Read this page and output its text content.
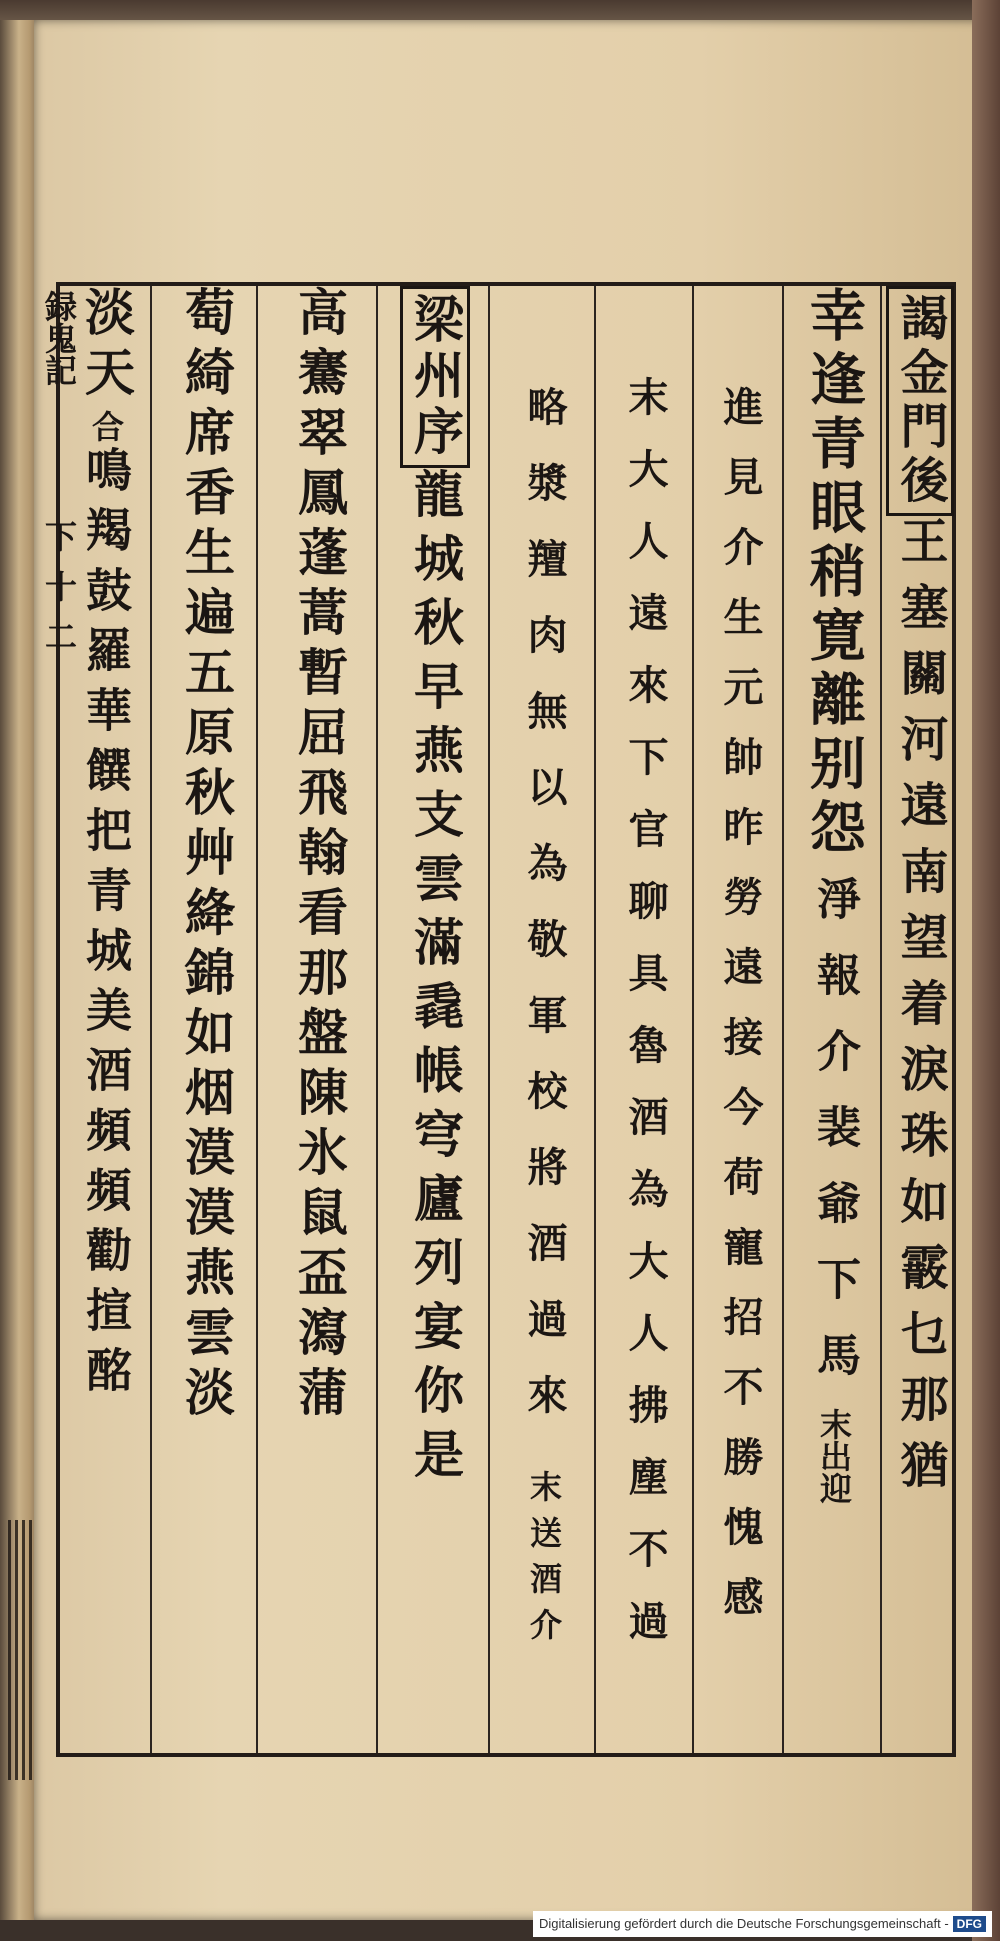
録鬼記
下十二
謁金門後
王塞關河遠南望着淚珠如霰乜那猶
幸逢青眼稍寛離别怨
淨報介裴爺下馬
末出迎
進見介生元帥昨勞遠接今荷寵招不勝愧感
末大人遠來下官聊具魯酒為大人拂塵不過
略漿羶肉無以為敬軍校將酒過來
末送酒介
梁州序
龍城秋早燕支雲滿毳帳穹廬列宴你是
高騫翠鳳蓬蒿暫屈飛翰看那盤陳氷鼠盃瀉蒲
萄綺席香生遍五原秋艸絳錦如烟漠漠燕雲淡
淡天
合
鳴羯鼓羅華饌把青城美酒頻頻勸揎酩
Digitalisierung gefördert durch die Deutsche Forschungsgemeinschaft - DFG
